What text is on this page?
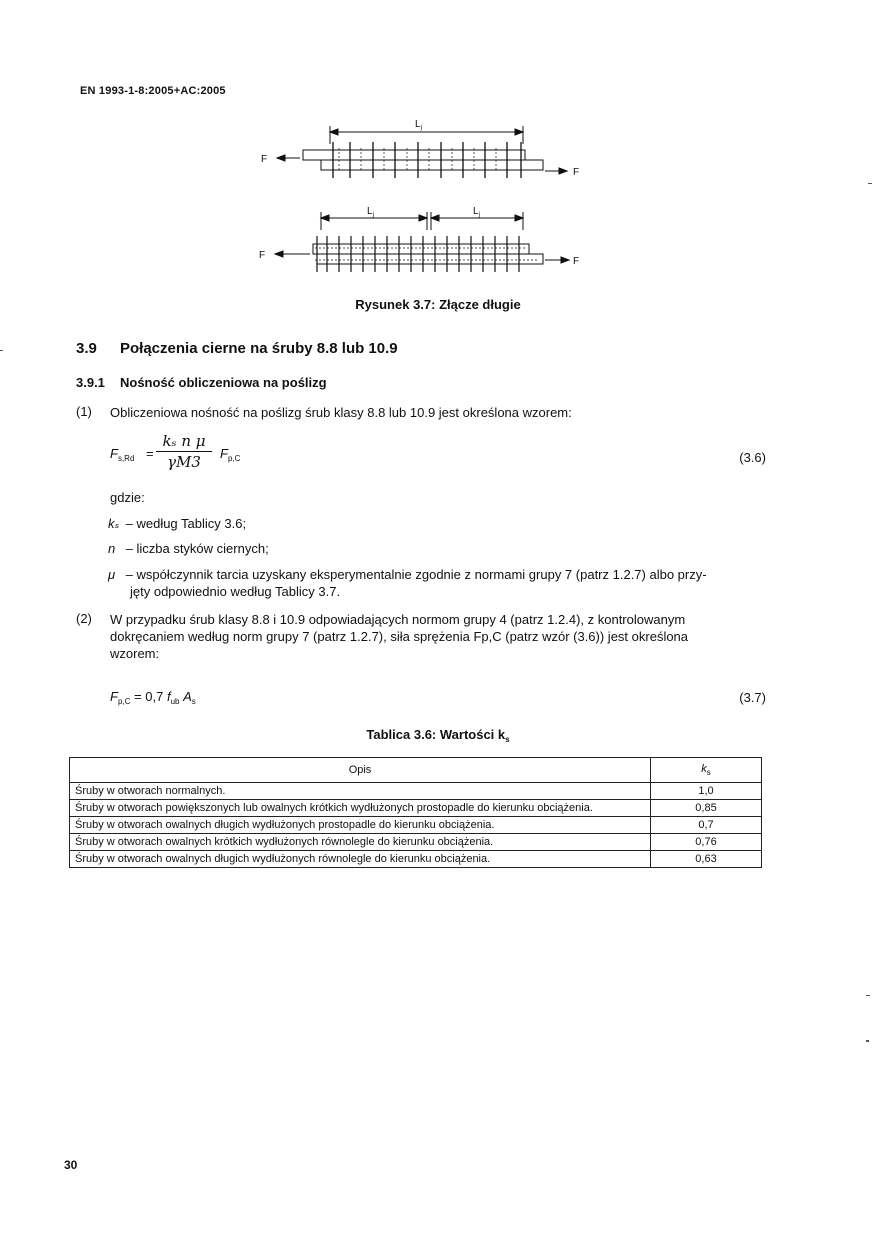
EN 1993-1-8:2005+AC:2005
F
F
$L_j$
F
F
$L_j$	$L_j$
Rysunek 3.7: Złącze długie
3.9 Połączenia cierne na śruby 8.8 lub 10.9
3.9.1 Nośność obliczeniowa na poślizg
(1) Obliczeniowa nośność na poślizg śrub klasy 8.8 lub 10.9 jest określona wzorem:
$F_{s,Rd}$ =
kₛ n μ
γM3	$F_{p,C}$	(3.6)
gdzie:
kₛ – według Tablicy 3.6;
n – liczba styków ciernych;
μ – współczynnik tarcia uzyskany eksperymentalnie zgodnie z normami grupy 7 (patrz 1.2.7) albo przy-
jęty odpowiednio według Tablicy 3.7.
(2) W przypadku śrub klasy 8.8 i 10.9 odpowiadających normom grupy 4 (patrz 1.2.4), z kontrolowanym
dokręcaniem według norm grupy 7 (patrz 1.2.7), siła sprężenia Fp,C (patrz wzór (3.6)) jest określona
wzorem:
$F_{p,C} = 0,7$ $f_{ub}$ $A_s$	(3.7)
Tablica 3.6: Wartości $k_s$
Opis	$k_s$
Śruby w otworach normalnych.	1,0
Śruby w otworach powiększonych lub owalnych krótkich wydłużonych prostopadle do kierunku obciążenia.	0,85
Śruby w otworach owalnych długich wydłużonych prostopadle do kierunku obciążenia.	0,7
Śruby w otworach owalnych krótkich wydłużonych równolegle do kierunku obciążenia.	0,76
Śruby w otworach owalnych długich wydłużonych równolegle do kierunku obciążenia.	0,63
30
